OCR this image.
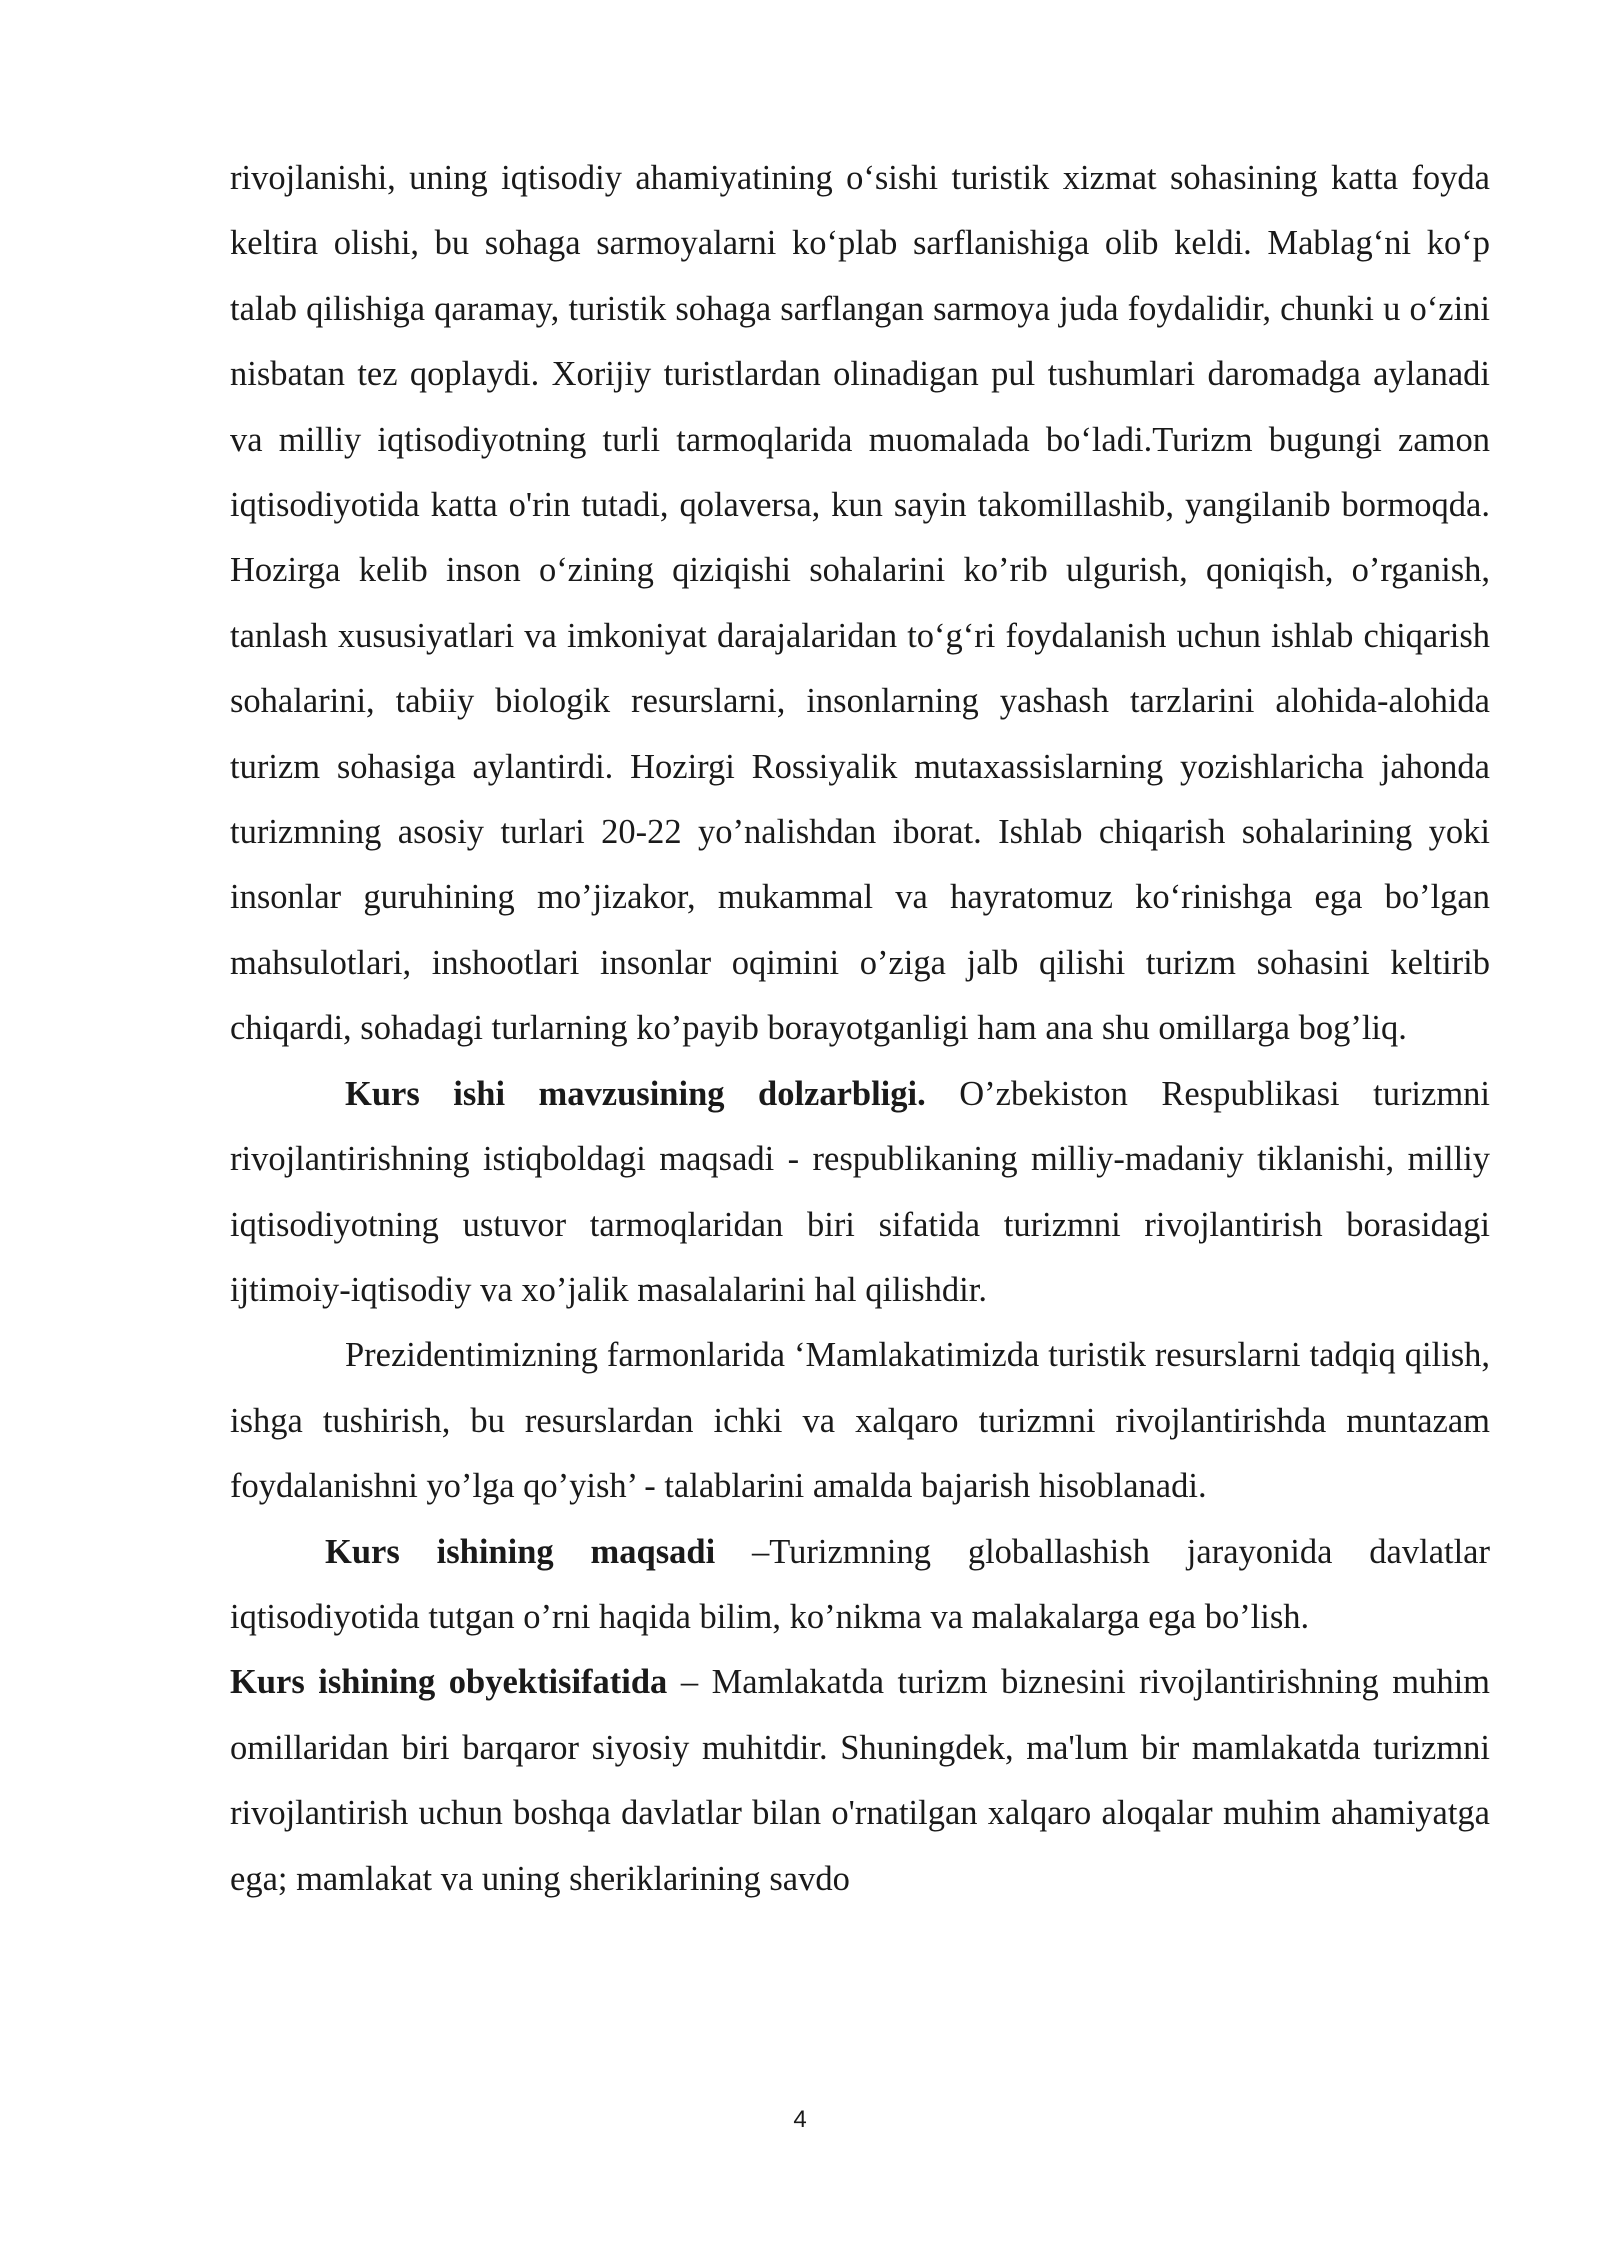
rivojlanishi, uning iqtisodiy ahamiyatining o‘sishi turistik xizmat sohasining katta foyda keltira olishi, bu sohaga sarmoyalarni ko‘plab sarflanishiga olib keldi. Mablag‘ni ko‘p talab qilishiga qaramay, turistik sohaga sarflangan sarmoya juda foydalidir, chunki u o‘zini nisbatan tez qoplaydi. Xorijiy turistlardan olinadigan pul tushumlari daromadga aylanadi va milliy iqtisodiyotning turli tarmoqlarida muomalada bo‘ladi.Turizm bugungi zamon iqtisodiyotida katta o'rin tutadi, qolaversa, kun sayin takomillashib, yangilanib bormoqda. Hozirga kelib inson o‘zining qiziqishi sohalarini ko’rib ulgurish, qoniqish, o’rganish, tanlash xususiyatlari va imkoniyat darajalaridan to‘g‘ri foydalanish uchun ishlab chiqarish sohalarini, tabiiy biologik resurslarni, insonlarning yashash tarzlarini alohida-alohida turizm sohasiga aylantirdi. Hozirgi Rossiyalik mutaxassislarning yozishlaricha jahonda turizmning asosiy turlari 20-22 yo’nalishdan iborat. Ishlab chiqarish sohalarining yoki insonlar guruhining mo’jizakor, mukammal va hayratomuz ko‘rinishga ega bo’lgan mahsulotlari, inshootlari insonlar oqimini o’ziga jalb qilishi turizm sohasini keltirib chiqardi, sohadagi turlarning ko’payib borayotganligi ham ana shu omillarga bog’liq.

Kurs ishi mavzusining dolzarbligi. O’zbekiston Respublikasi turizmni rivojlantirishning istiqboldagi maqsadi - respublikaning milliy-madaniy tiklanishi, milliy iqtisodiyotning ustuvor tarmoqlaridan biri sifatida turizmni rivojlantirish borasidagi ijtimoiy-iqtisodiy va xo’jalik masalalarini hal qilishdir.

Prezidentimizning farmonlarida ‘Mamlakatimizda turistik resurslarni tadqiq qilish, ishga tushirish, bu resurslardan ichki va xalqaro turizmni rivojlantirishda muntazam foydalanishni yo’lga qo’yish’ - talablarini amalda bajarish hisoblanadi.

Kurs ishining maqsadi –Turizmning globallashish jarayonida davlatlar iqtisodiyotida tutgan o’rni haqida bilim, ko’nikma va malakalarga ega bo’lish.

Kurs ishining obyektisifatida – Mamlakatda turizm biznesini rivojlantirishning muhim omillaridan biri barqaror siyosiy muhitdir. Shuningdek, ma'lum bir mamlakatda turizmni rivojlantirish uchun boshqa davlatlar bilan o'rnatilgan xalqaro aloqalar muhim ahamiyatga ega; mamlakat va uning sheriklarining savdo

4
